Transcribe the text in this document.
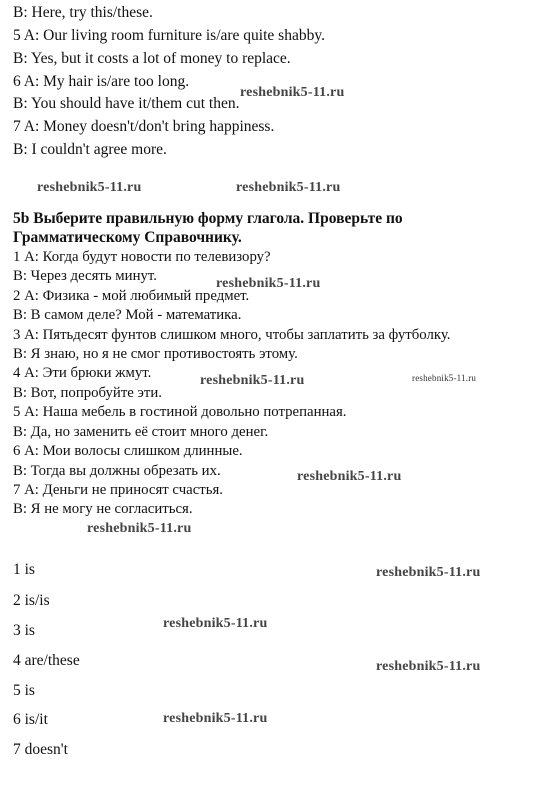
B: Here, try this/these.
5 A: Our living room furniture is/are quite shabby.
B: Yes, but it costs a lot of money to replace.
6 A: My hair is/are too long.
B: You should have it/them cut then.
7 A: Money doesn't/don't bring happiness.
B: I couldn't agree more.
5b Выберите правильную форму глагола. Проверьте по
Грамматическому Справочнику.
1 А: Когда будут новости по телевизору?
В: Через десять минут.
2 А: Физика - мой любимый предмет.
В: В самом деле? Мой - математика.
3 А: Пятьдесят фунтов слишком много, чтобы заплатить за футболку.
В: Я знаю, но я не смог противостоять этому.
4 А: Эти брюки жмут.
В: Вот, попробуйте эти.
5 А: Наша мебель в гостиной довольно потрепанная.
В: Да, но заменить её стоит много денег.
6 А: Мои волосы слишком длинные.
В: Тогда вы должны обрезать их.
7 А: Деньги не приносят счастья.
В: Я не могу не согласиться.
1 is
2 is/is
3 is
4 are/these
5 is
6 is/it
7 doesn't
reshebnik5-11.ru
reshebnik5-11.ru	reshebnik5-11.ru
reshebnik5-11.ru
reshebnik5-11.ru	reshebnik5-11.ru
reshebnik5-11.ru
reshebnik5-11.ru
reshebnik5-11.ru
reshebnik5-11.ru
reshebnik5-11.ru
reshebnik5-11.ru
